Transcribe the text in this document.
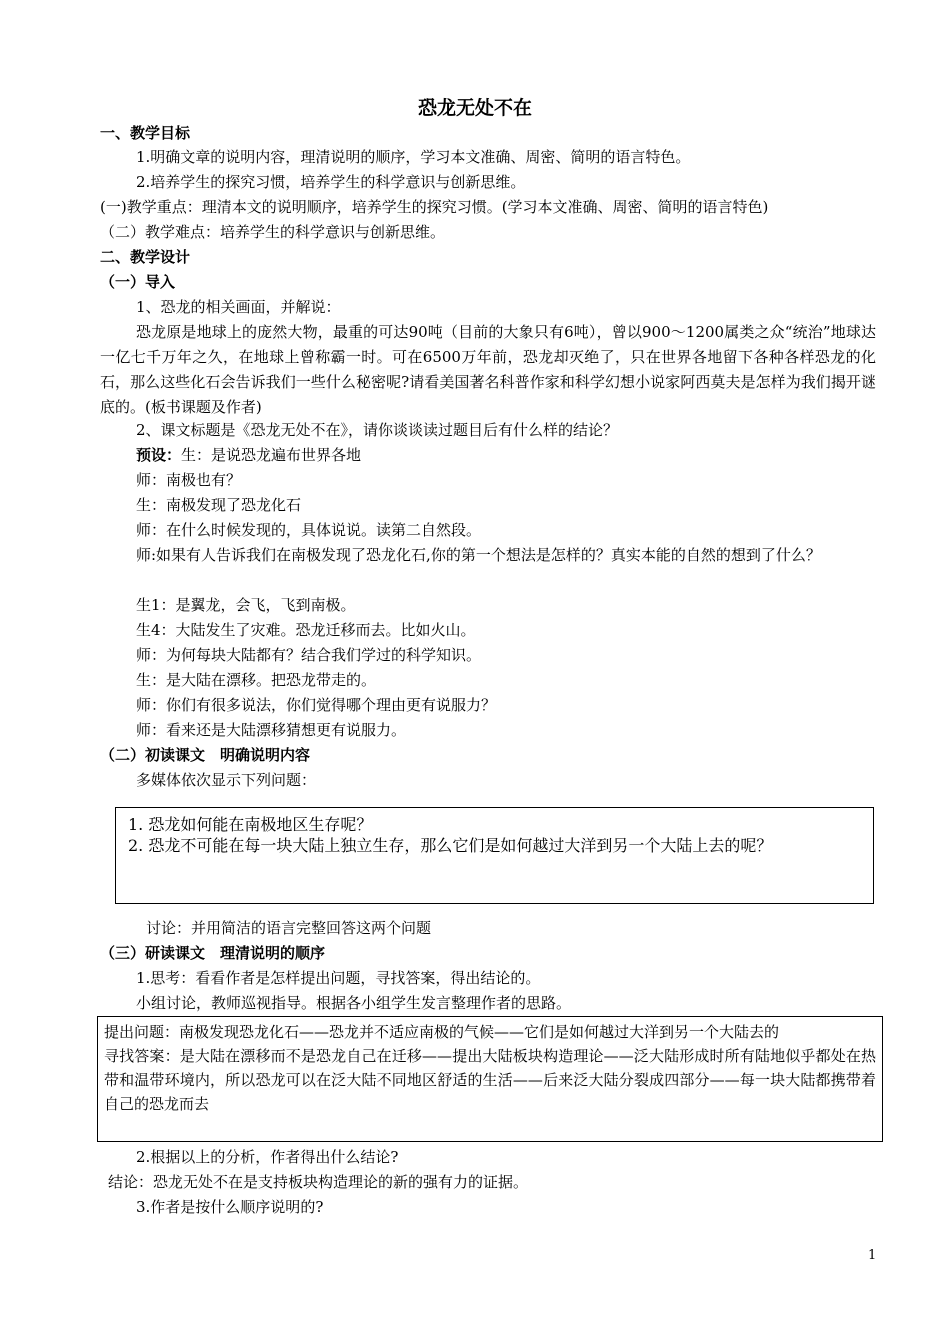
恐龙无处不在
一、教学目标
1.明确文章的说明内容，理清说明的顺序，学习本文准确、周密、简明的语言特色。
2.培养学生的探究习惯，培养学生的科学意识与创新思维。
(一)教学重点：理清本文的说明顺序，培养学生的探究习惯。(学习本文准确、周密、简明的语言特色)
（二）教学难点：培养学生的科学意识与创新思维。
二、教学设计
（一）导入
1、恐龙的相关画面，并解说：
恐龙原是地球上的庞然大物，最重的可达90吨（目前的大象只有6吨），曾以900～1200属类之众“统治”地球达一亿七千万年之久，在地球上曾称霸一时。可在6500万年前，恐龙却灭绝了，只在世界各地留下各种各样恐龙的化石，那么这些化石会告诉我们一些什么秘密呢?请看美国著名科普作家和科学幻想小说家阿西莫夫是怎样为我们揭开谜底的。(板书课题及作者)
2、课文标题是《恐龙无处不在》，请你谈谈读过题目后有什么样的结论？
预设：生：是说恐龙遍布世界各地
师：南极也有？
生：南极发现了恐龙化石
师：在什么时候发现的，具体说说。读第二自然段。
师:如果有人告诉我们在南极发现了恐龙化石,你的第一个想法是怎样的？真实本能的自然的想到了什么？
生1：是翼龙，会飞，飞到南极。
生4：大陆发生了灾难。恐龙迁移而去。比如火山。
师：为何每块大陆都有？结合我们学过的科学知识。
生：是大陆在漂移。把恐龙带走的。
师：你们有很多说法，你们觉得哪个理由更有说服力？
师：看来还是大陆漂移猜想更有说服力。
（二）初读课文　明确说明内容
多媒体依次显示下列问题：
1. 恐龙如何能在南极地区生存呢？
2. 恐龙不可能在每一块大陆上独立生存，那么它们是如何越过大洋到另一个大陆上去的呢？
讨论：并用简洁的语言完整回答这两个问题
（三）研读课文　理清说明的顺序
1.思考：看看作者是怎样提出问题，寻找答案，得出结论的。
小组讨论，教师巡视指导。根据各小组学生发言整理作者的思路。
提出问题：南极发现恐龙化石——恐龙并不适应南极的气候——它们是如何越过大洋到另一个大陆去的
寻找答案：是大陆在漂移而不是恐龙自己在迁移——提出大陆板块构造理论——泛大陆形成时所有陆地似乎都处在热带和温带环境内，所以恐龙可以在泛大陆不同地区舒适的生活——后来泛大陆分裂成四部分——每一块大陆都携带着自己的恐龙而去
2.根据以上的分析，作者得出什么结论?
结论：恐龙无处不在是支持板块构造理论的新的强有力的证据。
3.作者是按什么顺序说明的?
1
